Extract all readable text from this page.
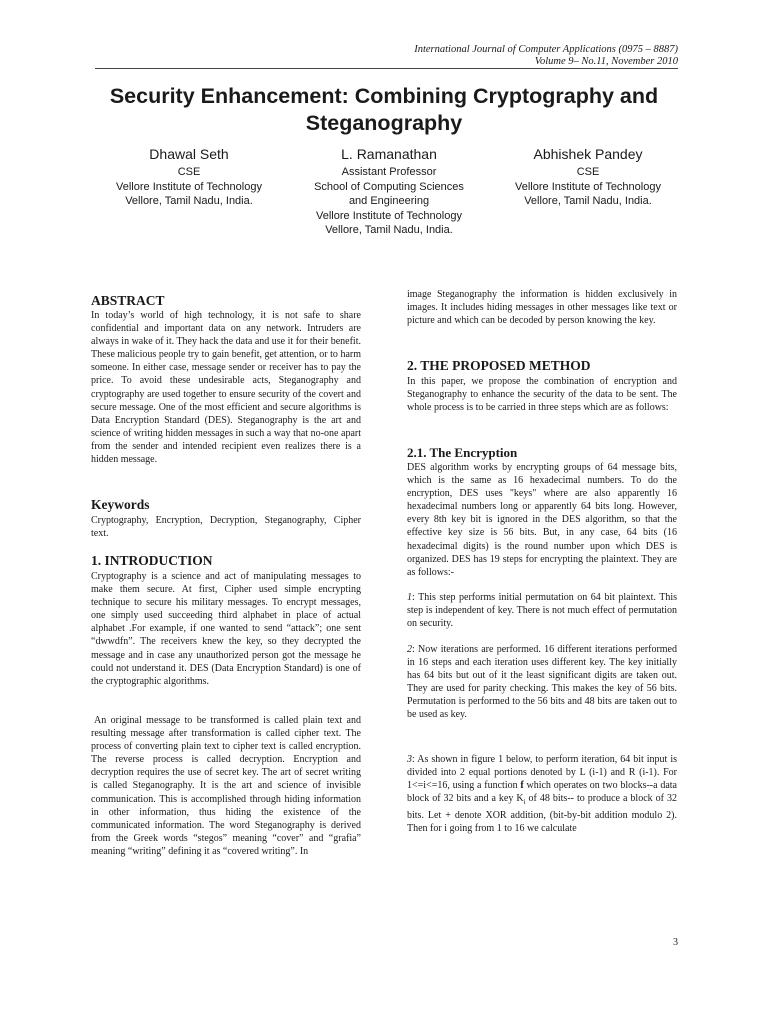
International Journal of Computer Applications (0975 – 8887)
Volume 9– No.11, November 2010
Security Enhancement: Combining Cryptography and
Steganography
Dhawal Seth
CSE
Vellore Institute of Technology
Vellore, Tamil Nadu, India.
L. Ramanathan
Assistant Professor
School of Computing Sciences
and Engineering
Vellore Institute of Technology
Vellore, Tamil Nadu, India.
Abhishek Pandey
CSE
Vellore Institute of Technology
Vellore, Tamil Nadu, India.
ABSTRACT
In today’s world of high technology, it is not safe to share confidential and important data on any network. Intruders are always in wake of it. They hack the data and use it for their benefit. These malicious people try to gain benefit, get attention, or to harm someone. In either case, message sender or receiver has to pay the price. To avoid these undesirable acts, Steganography and cryptography are used together to ensure security of the covert and secure message. One of the most efficient and secure algorithms is Data Encryption Standard (DES). Steganography is the art and science of writing hidden messages in such a way that no-one apart from the sender and intended recipient even realizes there is a hidden message.
Keywords
Cryptography, Encryption, Decryption, Steganography, Cipher text.
1. INTRODUCTION
Cryptography is a science and act of manipulating messages to make them secure. At first, Cipher used simple encrypting technique to secure his military messages. To encrypt messages, one simply used succeeding third alphabet in place of actual alphabet .For example, if one wanted to send “attack”; one sent “dwwdfn”. The receivers knew the key, so they decrypted the message and in case any unauthorized person got the message he could not understand it. DES (Data Encryption Standard) is one of the cryptographic algorithms.
An original message to be transformed is called plain text and resulting message after transformation is called cipher text. The process of converting plain text to cipher text is called encryption. The reverse process is called decryption. Encryption and decryption requires the use of secret key. The art of secret writing is called Steganography. It is the art and science of invisible communication. This is accomplished through hiding information in other information, thus hiding the existence of the communicated information. The word Steganography is derived from the Greek words “stegos” meaning “cover” and “grafia” meaning “writing” defining it as “covered writing”. In
image Steganography the information is hidden exclusively in images. It includes hiding messages in other messages like text or picture and which can be decoded by person knowing the key.
2. THE PROPOSED METHOD
In this paper, we propose the combination of encryption and Steganography to enhance the security of the data to be sent. The whole process is to be carried in three steps which are as follows:
2.1. The Encryption
DES algorithm works by encrypting groups of 64 message bits, which is the same as 16 hexadecimal numbers. To do the encryption, DES uses "keys" where are also apparently 16 hexadecimal numbers long or apparently 64 bits long. However, every 8th key bit is ignored in the DES algorithm, so that the effective key size is 56 bits. But, in any case, 64 bits (16 hexadecimal digits) is the round number upon which DES is organized. DES has 19 steps for encrypting the plaintext. They are as follows:-
1: This step performs initial permutation on 64 bit plaintext. This step is independent of key. There is not much effect of permutation on security.
2: Now iterations are performed. 16 different iterations performed in 16 steps and each iteration uses different key. The key initially has 64 bits but out of it the least significant digits are taken out. They are used for parity checking. This makes the key of 56 bits. Permutation is performed to the 56 bits and 48 bits are taken out to be used as key.
3: As shown in figure 1 below, to perform iteration, 64 bit input is divided into 2 equal portions denoted by L (i-1) and R (i-1). For 1<=i<=16, using a function f which operates on two blocks--a data block of 32 bits and a key $K_i$ of 48 bits-- to produce a block of 32 bits. Let + denote XOR addition, (bit-by-bit addition modulo 2). Then for i going from 1 to 16 we calculate
3
